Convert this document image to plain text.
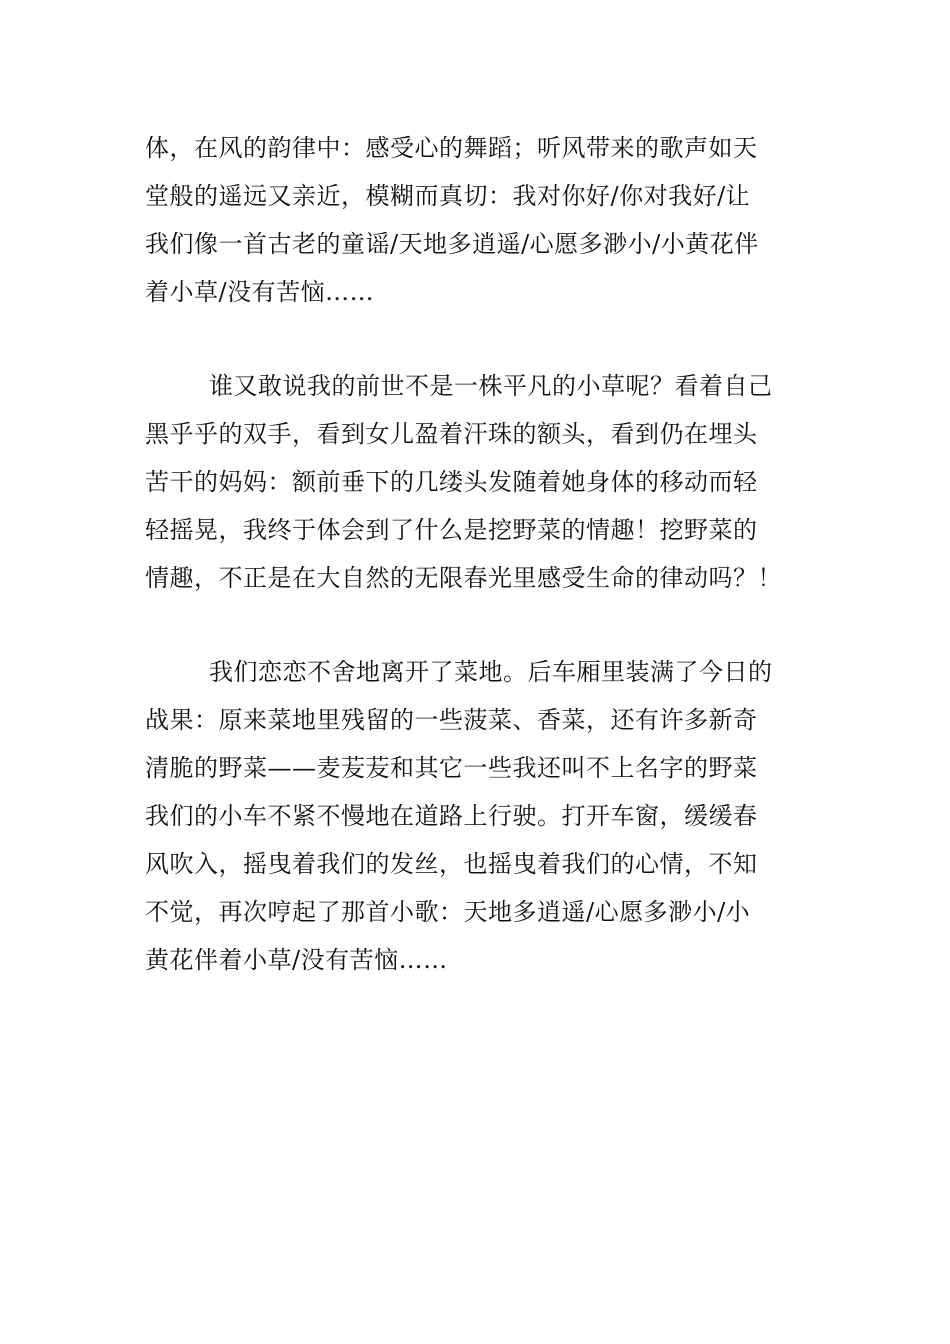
体，在风的韵律中：感受心的舞蹈；听风带来的歌声如天
堂般的遥远又亲近，模糊而真切：我对你好/你对我好/让
我们像一首古老的童谣/天地多逍遥/心愿多渺小/小黄花伴
着小草/没有苦恼……
谁又敢说我的前世不是一株平凡的小草呢？看着自己
黑乎乎的双手，看到女儿盈着汗珠的额头，看到仍在埋头
苦干的妈妈：额前垂下的几缕头发随着她身体的移动而轻
轻摇晃，我终于体会到了什么是挖野菜的情趣！挖野菜的
情趣，不正是在大自然的无限春光里感受生命的律动吗？！
我们恋恋不舍地离开了菜地。后车厢里装满了今日的
战果：原来菜地里残留的一些菠菜、香菜，还有许多新奇
清脆的野菜——麦苃苃和其它一些我还叫不上名字的野菜
我们的小车不紧不慢地在道路上行驶。打开车窗，缓缓春
风吹入，摇曳着我们的发丝，也摇曳着我们的心情，不知
不觉，再次哼起了那首小歌：天地多逍遥/心愿多渺小/小
黄花伴着小草/没有苦恼……
